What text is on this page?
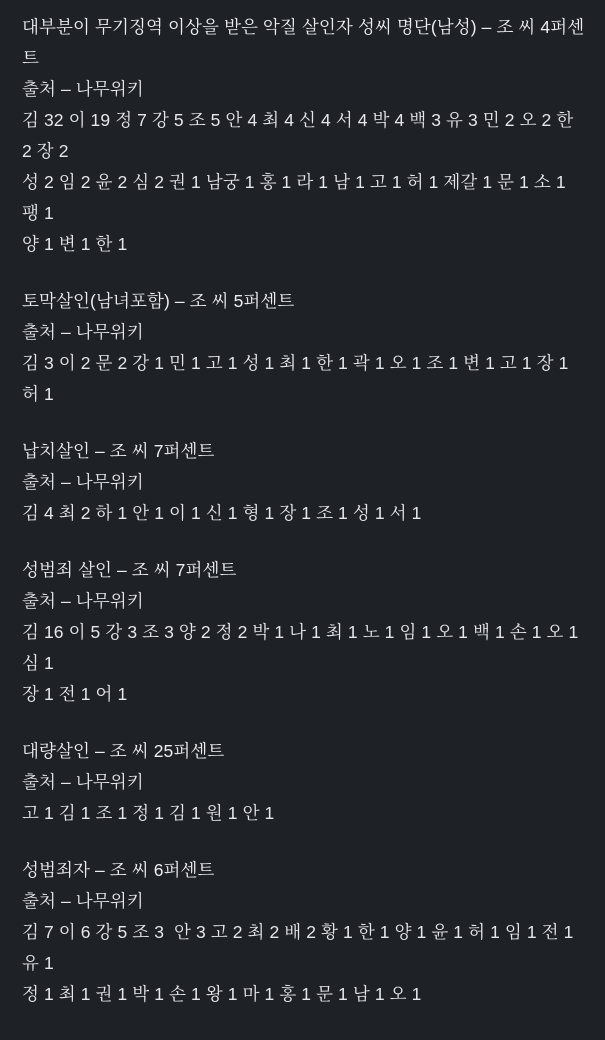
대부분이 무기징역 이상을 받은 악질 살인자 성씨 명단(남성) – 조 씨 4퍼센트
출처 – 나무위키
김 32 이 19 정 7 강 5 조 5 안 4 최 4 신 4 서 4 박 4 백 3 유 3 민 2 오 2 한 2 장 2
성 2 임 2 윤 2 심 2 권 1 남궁 1 홍 1 라 1 남 1 고 1 허 1 제갈 1 문 1 소 1 팽 1
양 1 변 1 한 1
토막살인(남녀포함) – 조 씨 5퍼센트
출처 – 나무위키
김 3 이 2 문 2 강 1 민 1 고 1 성 1 최 1 한 1 곽 1 오 1 조 1 변 1 고 1 장 1 허 1
납치살인 – 조 씨 7퍼센트
출처 – 나무위키
김 4 최 2 하 1 안 1 이 1 신 1 형 1 장 1 조 1 성 1 서 1
성범죄 살인 – 조 씨 7퍼센트
출처 – 나무위키
김 16 이 5 강 3 조 3 양 2 정 2 박 1 나 1 최 1 노 1 임 1 오 1 백 1 손 1 오 1 심 1
장 1 전 1 어 1
대량살인 – 조 씨 25퍼센트
출처 – 나무위키
고 1 김 1 조 1 정 1 김 1 원 1 안 1
성범죄자 – 조 씨 6퍼센트
출처 – 나무위키
김 7 이 6 강 5 조 3  안 3 고 2 최 2 배 2 황 1 한 1 양 1 윤 1 허 1 임 1 전 1 유 1
정 1 최 1 권 1 박 1 손 1 왕 1 마 1 홍 1 문 1 남 1 오 1
